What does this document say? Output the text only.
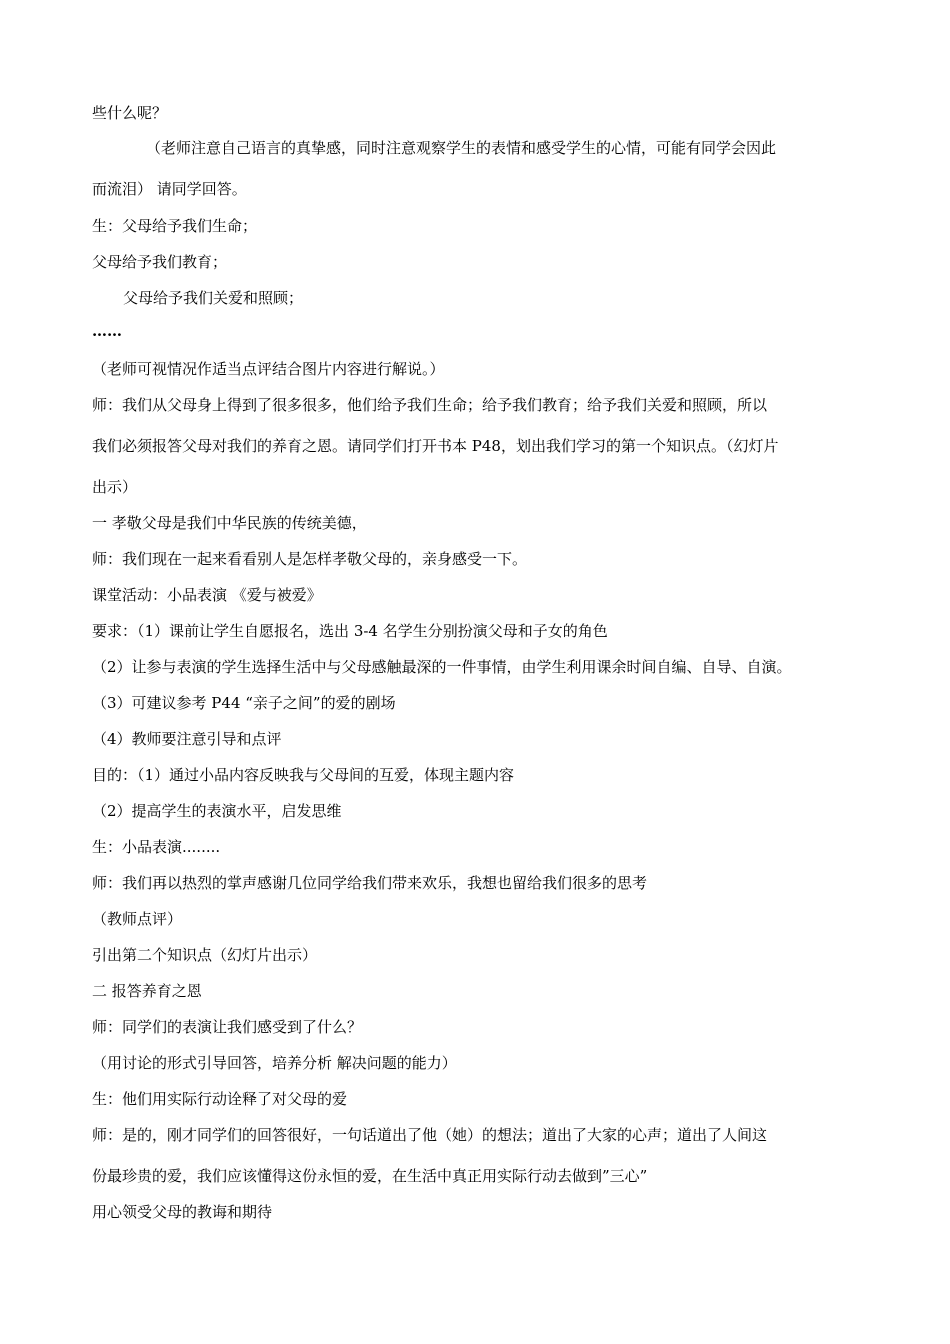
些什么呢？
（老师注意自己语言的真挚感，同时注意观察学生的表情和感受学生的心情，可能有同学会因此
而流泪） 请同学回答。
生：父母给予我们生命；
父母给予我们教育；
父母给予我们关爱和照顾；
……
（老师可视情况作适当点评结合图片内容进行解说。）
师：我们从父母身上得到了很多很多，他们给予我们生命；给予我们教育；给予我们关爱和照顾，所以
我们必须报答父母对我们的养育之恩。请同学们打开书本 P48，划出我们学习的第一个知识点。（幻灯片
出示）
一 孝敬父母是我们中华民族的传统美德，
师：我们现在一起来看看别人是怎样孝敬父母的，亲身感受一下。
课堂活动：小品表演 《爱与被爱》
要求：（1）课前让学生自愿报名，选出 3-4 名学生分别扮演父母和子女的角色
（2）让参与表演的学生选择生活中与父母感触最深的一件事情，由学生利用课余时间自编、自导、自演。
（3）可建议参考 P44 “亲子之间”的爱的剧场
（4）教师要注意引导和点评
目的：（1）通过小品内容反映我与父母间的互爱，体现主题内容
（2）提高学生的表演水平，启发思维
生：小品表演........
师：我们再以热烈的掌声感谢几位同学给我们带来欢乐，我想也留给我们很多的思考
（教师点评）
引出第二个知识点（幻灯片出示）
二 报答养育之恩
师：同学们的表演让我们感受到了什么？
（用讨论的形式引导回答，培养分析 解决问题的能力）
生：他们用实际行动诠释了对父母的爱
师：是的，刚才同学们的回答很好，一句话道出了他（她）的想法；道出了大家的心声；道出了人间这
份最珍贵的爱，我们应该懂得这份永恒的爱，在生活中真正用实际行动去做到”三心”
用心领受父母的教诲和期待
